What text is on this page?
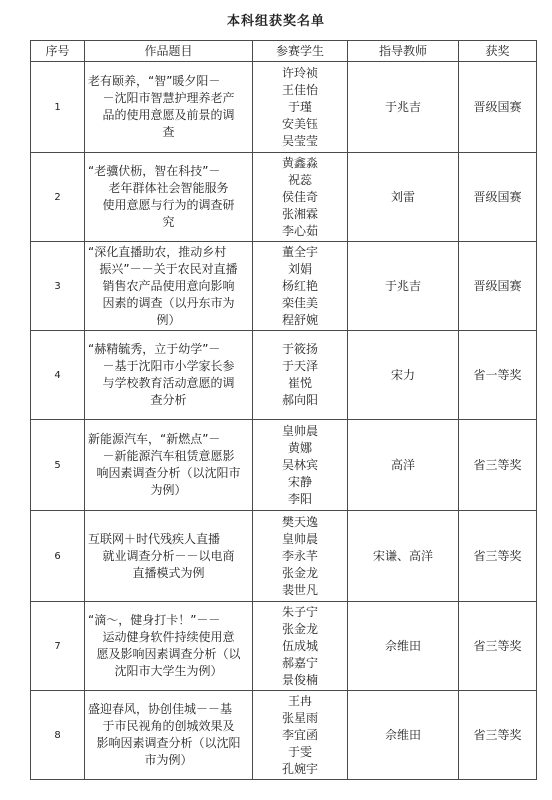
本科组获奖名单
序号	作品题目	参赛学生	指导教师	获奖
1	老有颐养，“智”暖夕阳－
－沈阳市智慧护理养老产
品的使用意愿及前景的调
查	许玲祯
王佳怡
于瑾
安美钰
吴莹莹	于兆吉	晋级国赛
2	“老骥伏枥，智在科技”－
老年群体社会智能服务
使用意愿与行为的调查研
究	黄鑫淼
祝蕊
侯佳奇
张湘霖
李心茹	刘雷	晋级国赛
3	“深化直播助农，推动乡村
振兴”－－关于农民对直播
销售农产品使用意向影响
因素的调查（以丹东市为
例）	董全宇
刘娟
杨红艳
栾佳美
程舒婉	于兆吉	晋级国赛
4	“赫精毓秀，立于幼学”－
－基于沈阳市小学家长参
与学校教育活动意愿的调
查分析	于筱扬
于天泽
崔悦
郝向阳	宋力	省一等奖
5	新能源汽车，“新燃点”－
－新能源汽车租赁意愿影
响因素调查分析（以沈阳市
为例）	皇帅晨
黄娜
吴林宾
宋静
李阳	高洋	省三等奖
6	互联网＋时代残疾人直播
就业调查分析－－以电商
直播模式为例	樊天逸
皇帅晨
李永芊
张金龙
裴世凡	宋谦、高洋	省三等奖
7	“滴～，健身打卡！”－－
运动健身软件持续使用意
愿及影响因素调查分析（以
沈阳市大学生为例）	朱子宁
张金龙
伍成城
郝嘉宁
景俊楠	佘维田	省三等奖
8	盛迎春风，协创佳城－－基
于市民视角的创城效果及
影响因素调查分析（以沈阳
市为例）	王冉
张星雨
李宜函
于雯
孔婉宇	佘维田	省三等奖
